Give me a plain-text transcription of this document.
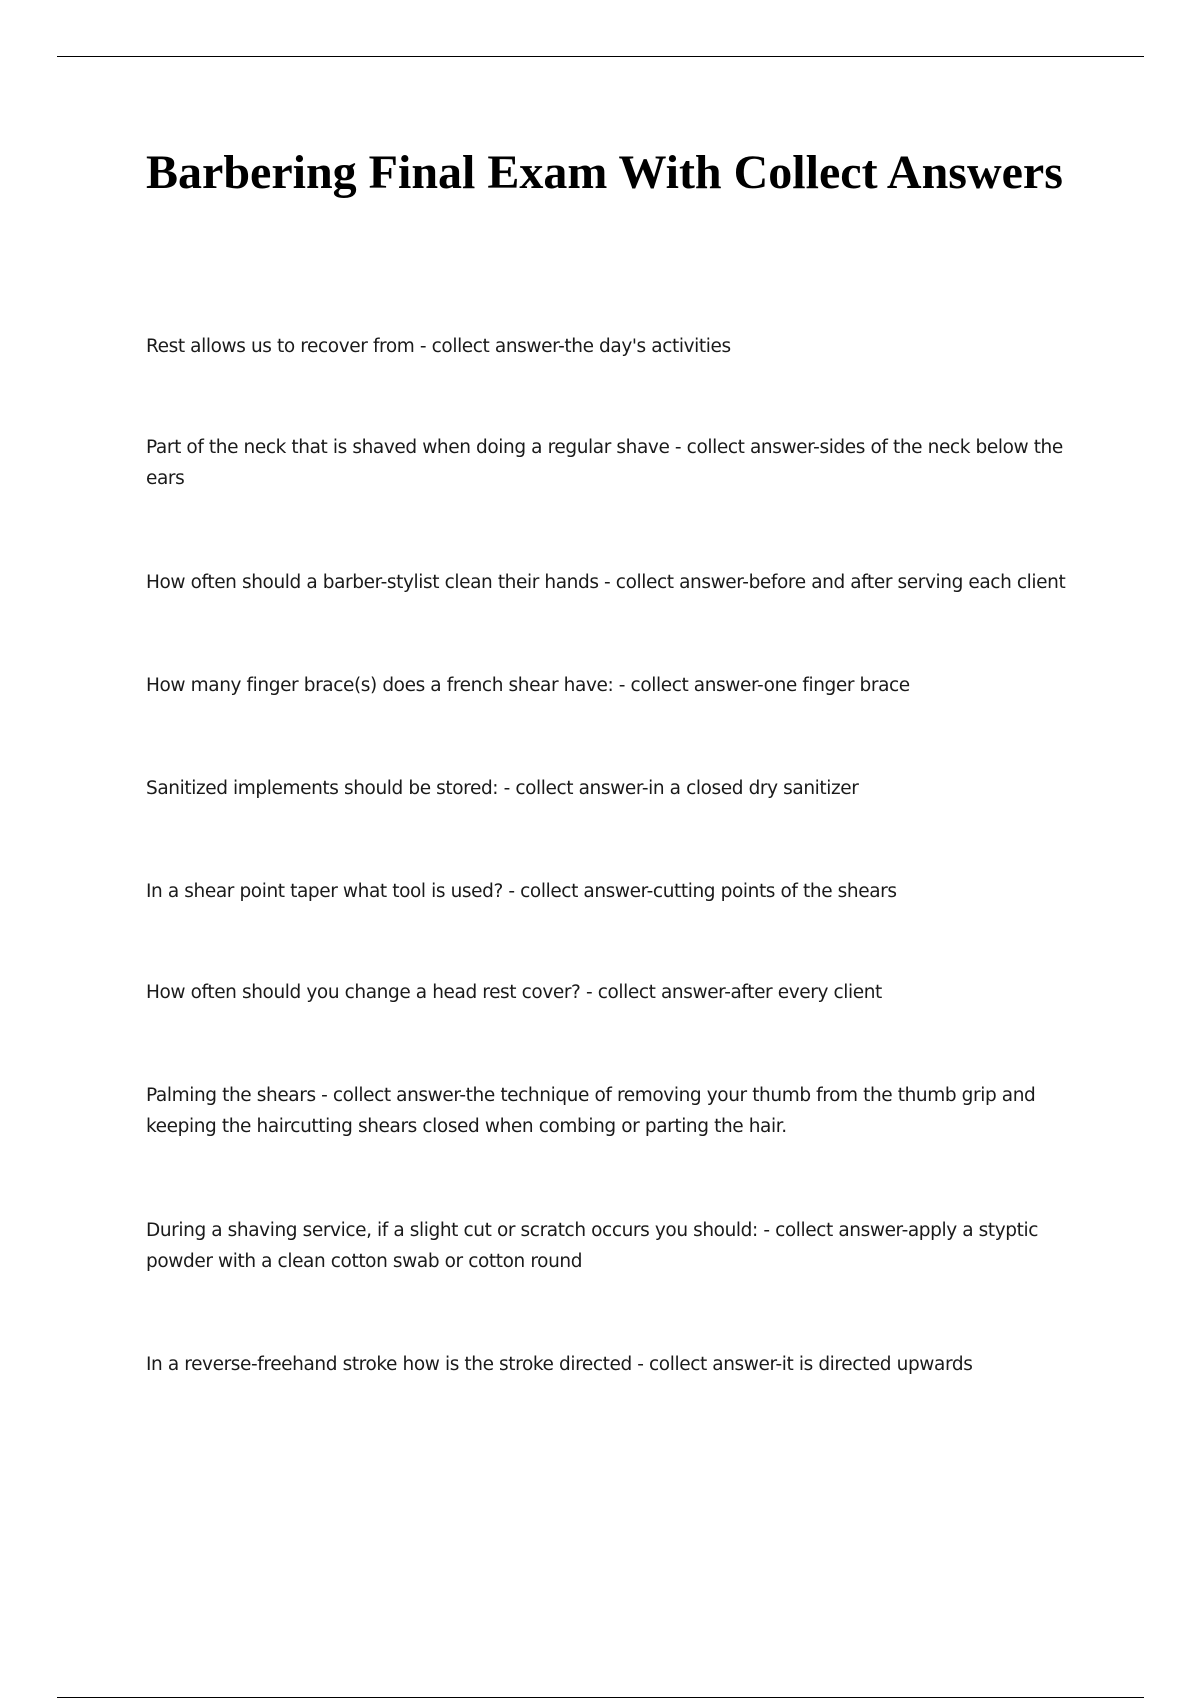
Barbering Final Exam With Collect Answers

Rest allows us to recover from - collect answer-the day's activities

Part of the neck that is shaved when doing a regular shave - collect answer-sides of the neck below the ears

How often should a barber-stylist clean their hands - collect answer-before and after serving each client

How many finger brace(s) does a french shear have: - collect answer-one finger brace

Sanitized implements should be stored: - collect answer-in a closed dry sanitizer

In a shear point taper what tool is used? - collect answer-cutting points of the shears

How often should you change a head rest cover? - collect answer-after every client

Palming the shears - collect answer-the technique of removing your thumb from the thumb grip and keeping the haircutting shears closed when combing or parting the hair.

During a shaving service, if a slight cut or scratch occurs you should: - collect answer-apply a styptic powder with a clean cotton swab or cotton round

In a reverse-freehand stroke how is the stroke directed - collect answer-it is directed upwards
